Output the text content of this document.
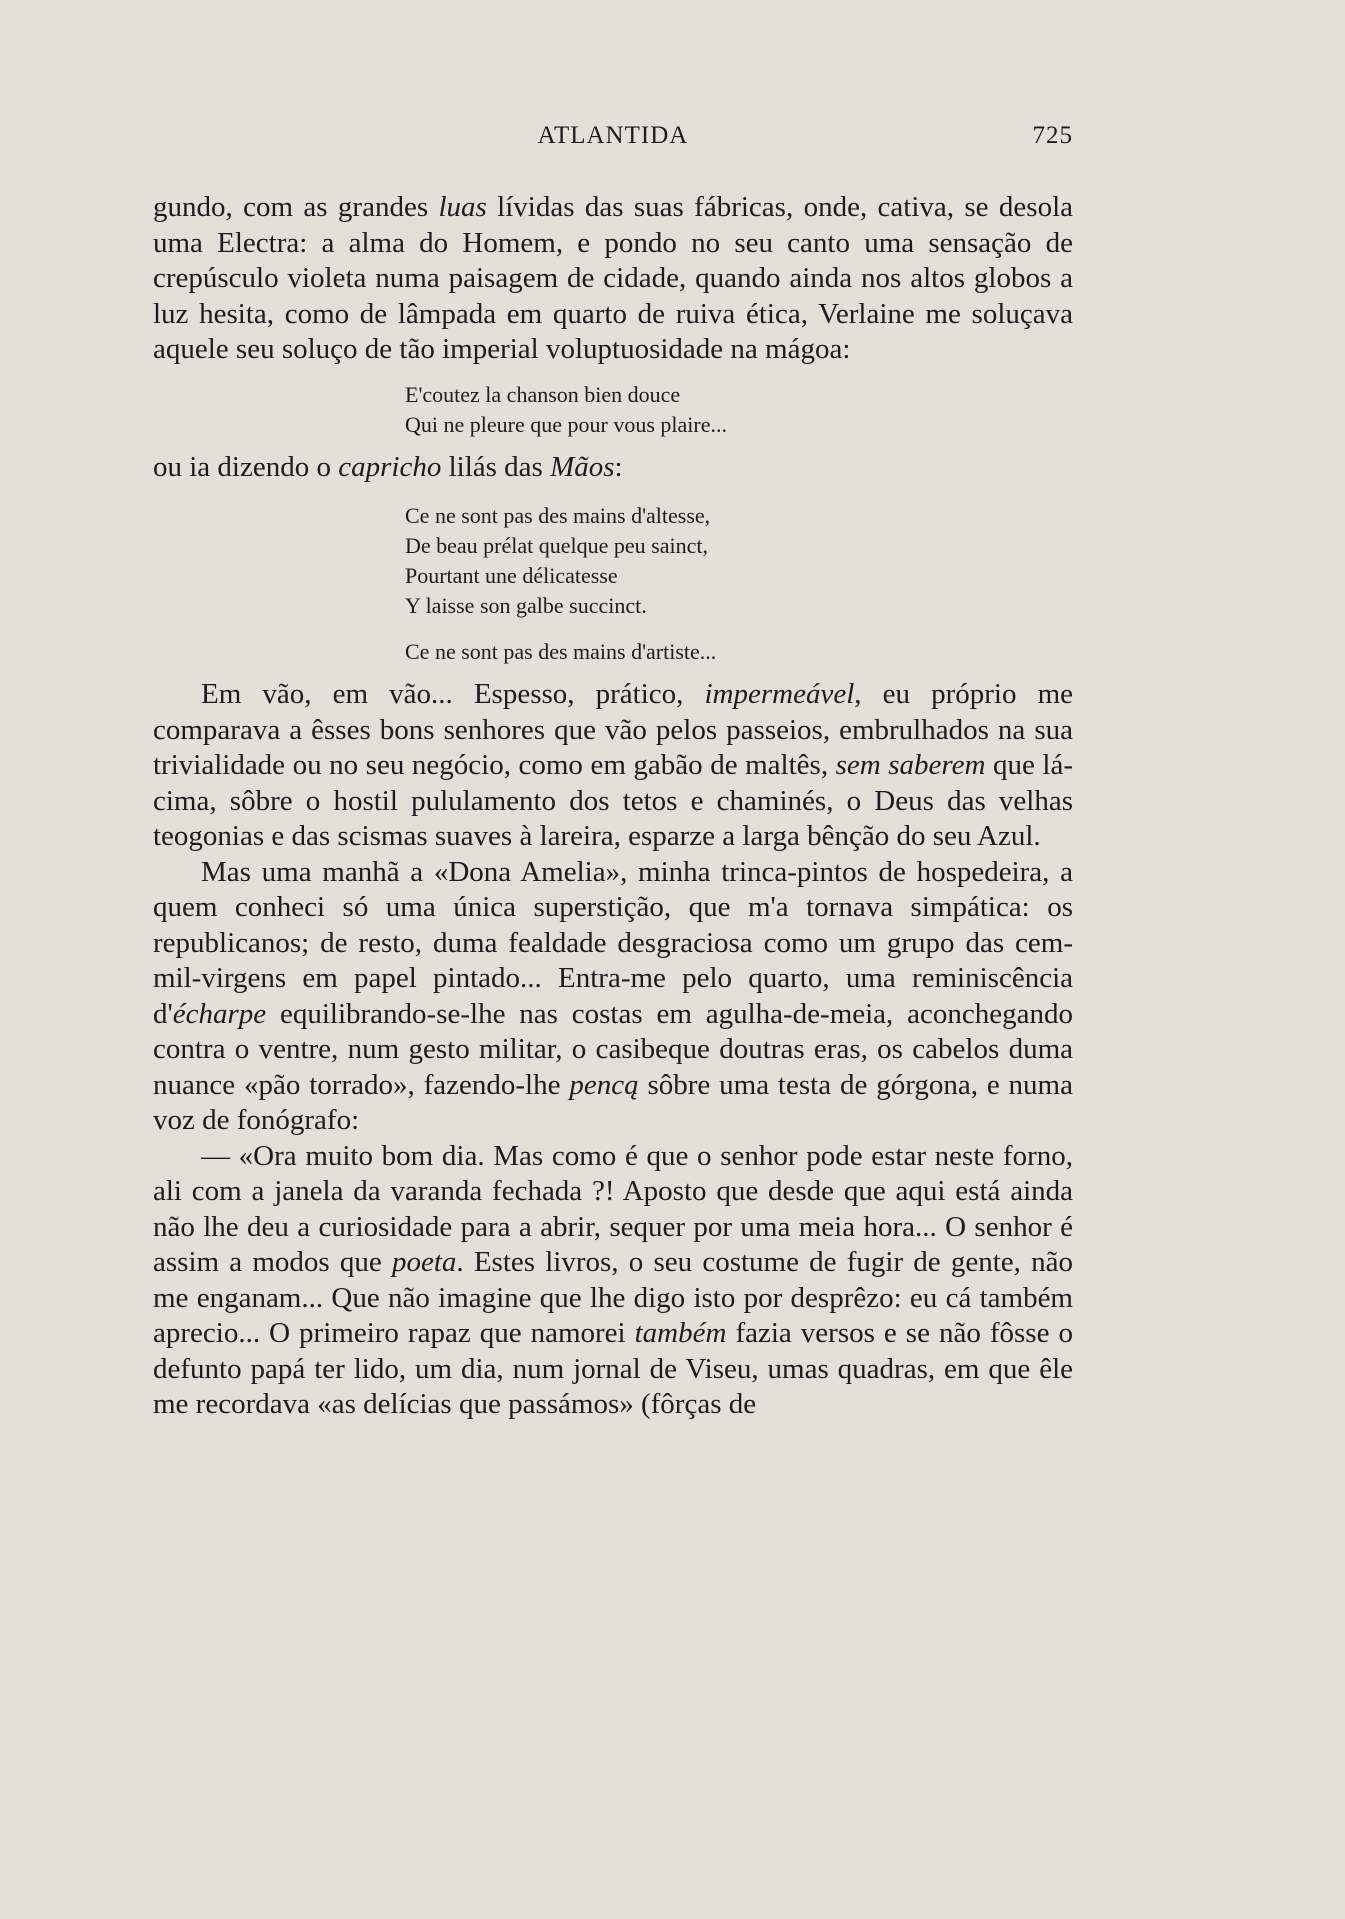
ATLANTIDA	725

gundo, com as grandes luas lívidas das suas fábricas, onde, cativa, se desola uma Electra: a alma do Homem, e pondo no seu canto uma sensação de crepúsculo violeta numa paisagem de cidade, quando ainda nos altos globos a luz hesita, como de lâmpada em quarto de ruiva ética, Verlaine me soluçava aquele seu soluço de tão imperial voluptuosidade na mágoa:

E'coutez la chanson bien douce
Qui ne pleure que pour vous plaire...

ou ia dizendo o capricho lilás das Mãos:

Ce ne sont pas des mains d'altesse,
De beau prélat quelque peu sainct,
Pourtant une délicatesse
Y laisse son galbe succinct.
Ce ne sont pas des mains d'artiste...

Em vão, em vão... Espesso, prático, impermeável, eu próprio me comparava a êsses bons senhores que vão pelos passeios, embrulhados na sua trivialidade ou no seu negócio, como em gabão de maltês, sem saberem que lá-cima, sôbre o hostil pululamento dos tetos e chaminés, o Deus das velhas teogonias e das scismas suaves à lareira, esparze a larga bênção do seu Azul.

Mas uma manhã a «Dona Amelia», minha trinca-pintos de hospedeira, a quem conheci só uma única superstição, que m'a tornava simpática: os republicanos; de resto, duma fealdade desgraciosa como um grupo das cem-mil-virgens em papel pintado... Entra-me pelo quarto, uma reminiscência d'écharpe equilibrando-se-lhe nas costas em agulha-de-meia, aconchegando contra o ventre, num gesto militar, o casibeque doutras eras, os cabelos duma nuance «pão torrado», fazendo-lhe pencą sôbre uma testa de górgona, e numa voz de fonógrafo:

— «Ora muito bom dia. Mas como é que o senhor pode estar neste forno, ali com a janela da varanda fechada ?! Aposto que desde que aqui está ainda não lhe deu a curiosidade para a abrir, sequer por uma meia hora... O senhor é assim a modos que poeta. Estes livros, o seu costume de fugir de gente, não me enganam... Que não imagine que lhe digo isto por desprêzo: eu cá também aprecio... O primeiro rapaz que namorei também fazia versos e se não fôsse o defunto papá ter lido, um dia, num jornal de Viseu, umas quadras, em que êle me recordava «as delícias que passámos» (fôrças de
